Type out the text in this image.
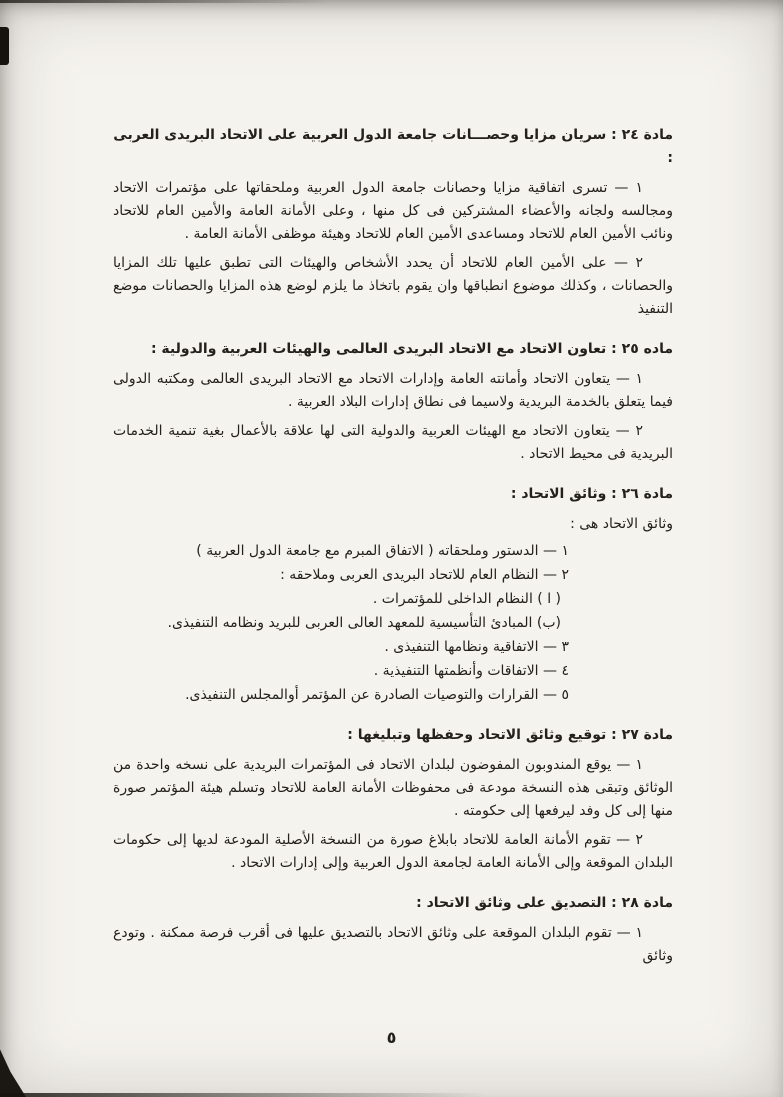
مادة ٢٤ : سريان مزايا وحصـــانات جامعة الدول العربية على الاتحاد البريدى العربى :
١ — تسرى اتفاقية مزايا وحصانات جامعة الدول العربية وملحقاتها على مؤتمرات الاتحاد ومجالسه ولجانه والأعضاء المشتركين فى كل منها ، وعلى الأمانة العامة والأمين العام للاتحاد ونائب الأمين العام للاتحاد ومساعدى الأمين العام للاتحاد وهيئة موظفى الأمانة العامة .
٢ — على الأمين العام للاتحاد أن يحدد الأشخاص والهيئات التى تطبق عليها تلك المزايا والحصانات ، وكذلك موضوع انطباقها وان يقوم باتخاذ ما يلزم لوضع هذه المزايا والحصانات موضع التنفيذ
ماده ٢٥ : تعاون الاتحاد مع الاتحاد البريدى العالمى والهيئات العربية والدولية :
١ — يتعاون الاتحاد وأمانته العامة وإدارات الاتحاد مع الاتحاد البريدى العالمى ومكتبه الدولى فيما يتعلق بالخدمة البريدية ولاسيما فى نطاق إدارات البلاد العربية .
٢ — يتعاون الاتحاد مع الهيئات العربية والدولية التى لها علاقة بالأعمال بغية تنمية الخدمات البريدية فى محيط الاتحاد .
مادة ٢٦ : وثائق الاتحاد :
وثائق الاتحاد هى :
١ — الدستور وملحقاته ( الاتفاق المبرم مع جامعة الدول العربية )
٢ — النظام العام للاتحاد البريدى العربى وملاحقه :
( ا ) النظام الداخلى للمؤتمرات .
(ب) المبادئ التأسيسية للمعهد العالى العربى للبريد ونظامه التنفيذى.
٣ — الاتفاقية ونظامها التنفيذى .
٤ — الاتفاقات وأنظمتها التنفيذية .
٥ — القرارات والتوصيات الصادرة عن المؤتمر أوالمجلس التنفيذى.
مادة ٢٧ : توقيع وثائق الاتحاد وحفظها وتبليغها :
١ — يوقع المندوبون المفوضون لبلدان الاتحاد فى المؤتمرات البريدية على نسخه واحدة من الوثائق وتبقى هذه النسخة مودعة فى محفوظات الأمانة العامة للاتحاد وتسلم هيئة المؤتمر صورة منها إلى كل وفد ليرفعها إلى حكومته .
٢ — تقوم الأمانة العامة للاتحاد بابلاغ صورة من النسخة الأصلية المودعة لديها إلى حكومات البلدان الموقعة وإلى الأمانة العامة لجامعة الدول العربية وإلى إدارات الاتحاد .
مادة ٢٨ : التصديق على وثائق الاتحاد :
١ — تقوم البلدان الموقعة على وثائق الاتحاد بالتصديق عليها فى أقرب فرصة ممكنة . وتودع وثائق
٥
